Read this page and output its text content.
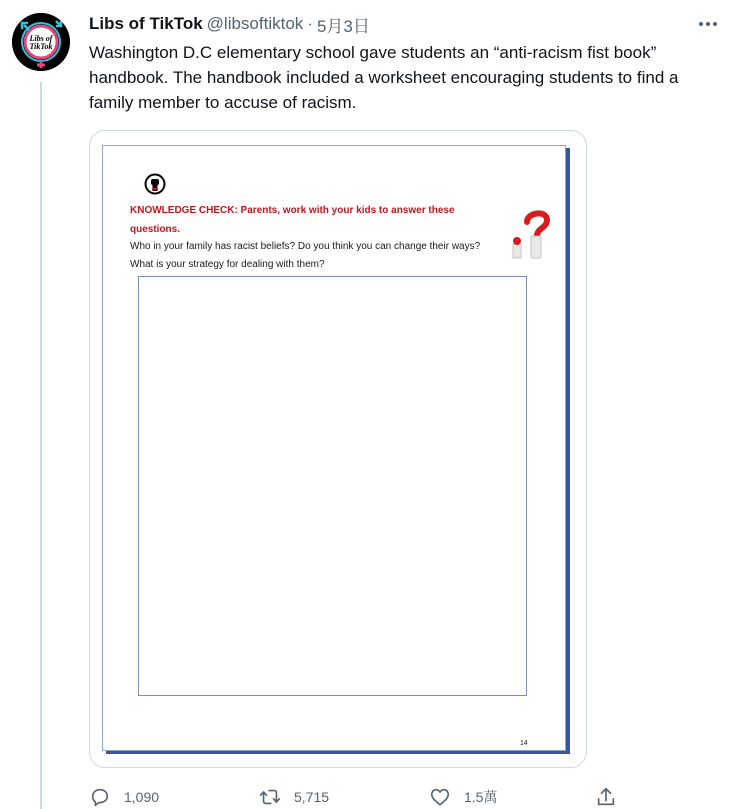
Libs of
TikTok
Libs of TikTok @libsoftiktok · 5月3日
Washington D.C elementary school gave students an “anti-racism fist book” handbook. The handbook included a worksheet encouraging students to find a family member to accuse of racism.
KNOWLEDGE CHECK: Parents, work with your kids to answer these questions.
Who in your family has racist beliefs? Do you think you can change their ways? What is your strategy for dealing with them?
14
1,090	5,715	1.5萬
